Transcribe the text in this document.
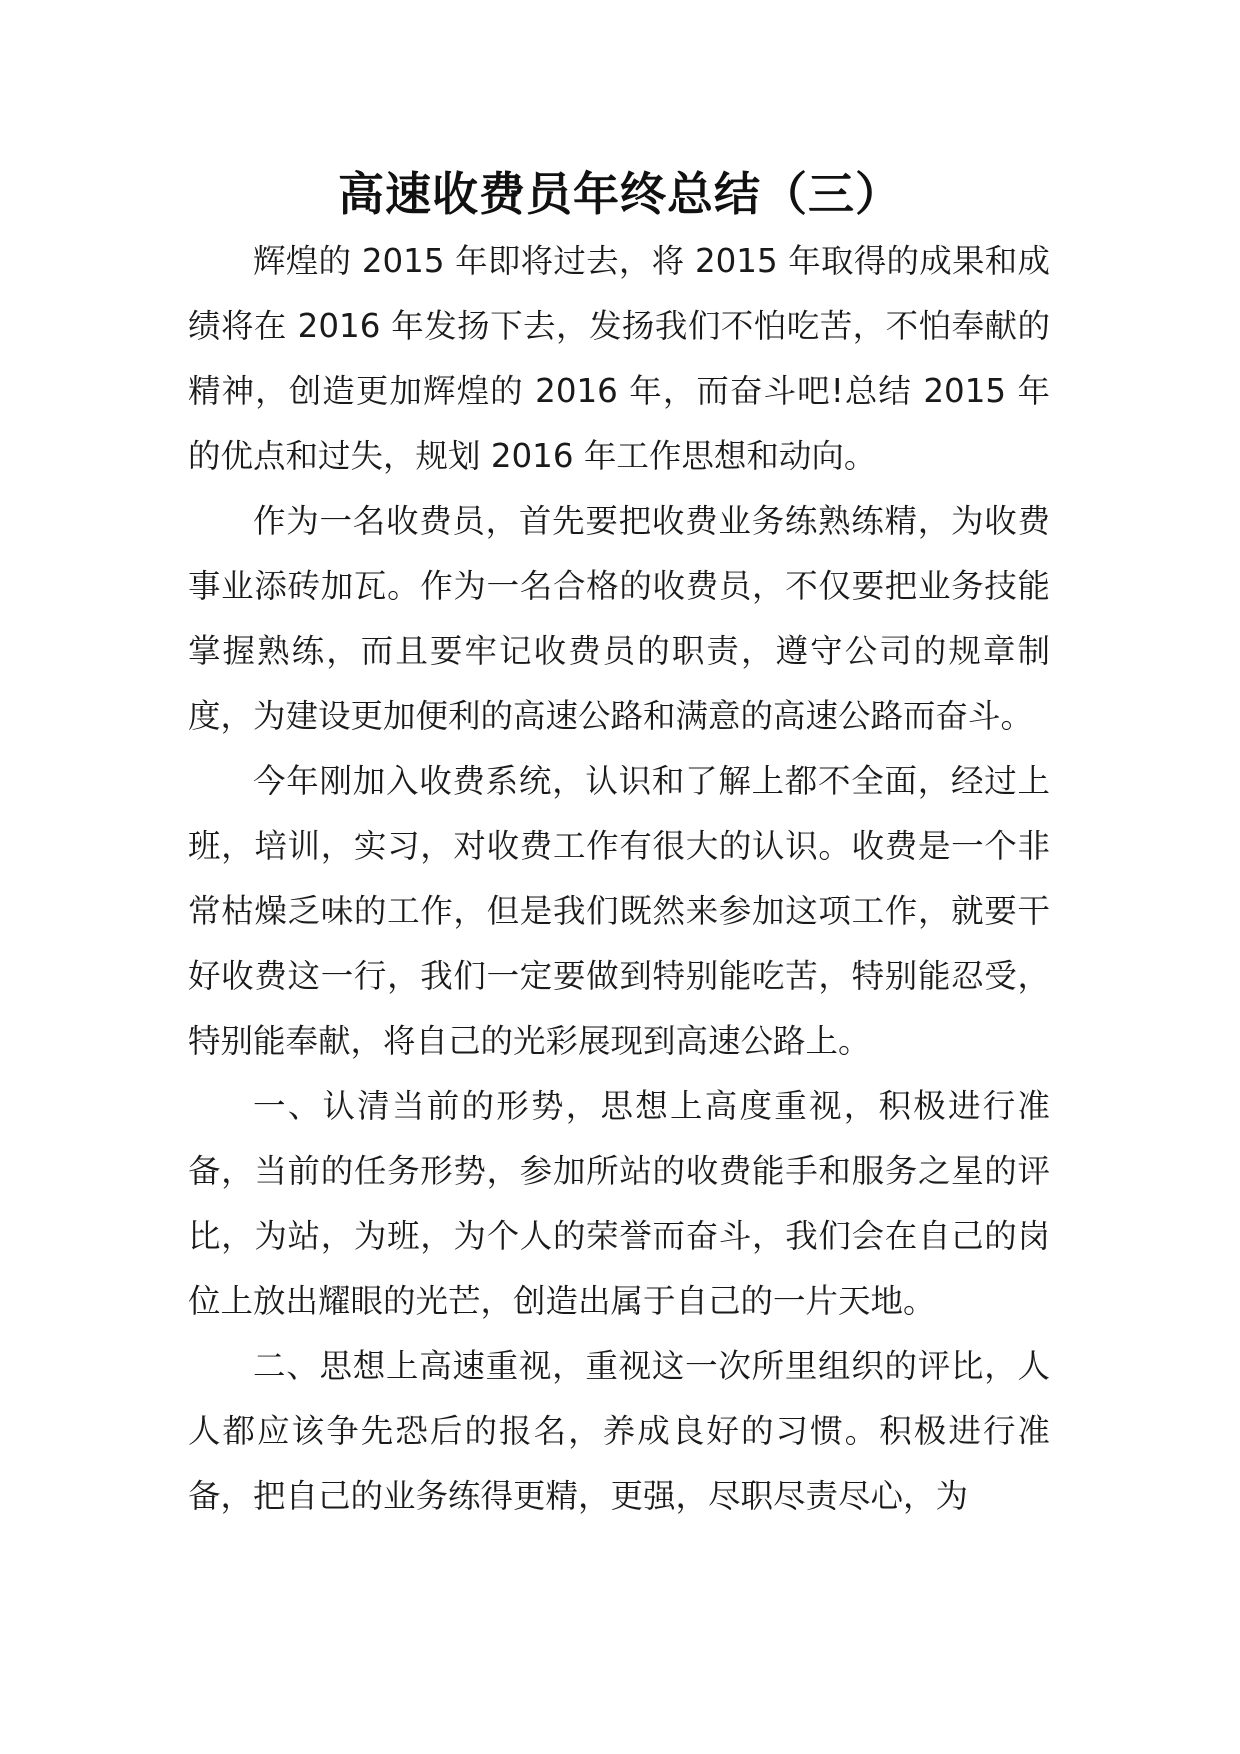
高速收费员年终总结（三）

辉煌的 2015 年即将过去，将 2015 年取得的成果和成绩将在 2016 年发扬下去，发扬我们不怕吃苦，不怕奉献的精神，创造更加辉煌的 2016 年，而奋斗吧!总结 2015 年的优点和过失，规划 2016 年工作思想和动向。

作为一名收费员，首先要把收费业务练熟练精，为收费事业添砖加瓦。作为一名合格的收费员，不仅要把业务技能掌握熟练，而且要牢记收费员的职责，遵守公司的规章制度，为建设更加便利的高速公路和满意的高速公路而奋斗。

今年刚加入收费系统，认识和了解上都不全面，经过上班，培训，实习，对收费工作有很大的认识。收费是一个非常枯燥乏味的工作，但是我们既然来参加这项工作，就要干好收费这一行，我们一定要做到特别能吃苦，特别能忍受，特别能奉献，将自己的光彩展现到高速公路上。

一、认清当前的形势，思想上高度重视，积极进行准备，当前的任务形势，参加所站的收费能手和服务之星的评比，为站，为班，为个人的荣誉而奋斗，我们会在自己的岗位上放出耀眼的光芒，创造出属于自己的一片天地。

二、思想上高速重视，重视这一次所里组织的评比，人人都应该争先恐后的报名，养成良好的习惯。积极进行准备，把自己的业务练得更精，更强，尽职尽责尽心，为
